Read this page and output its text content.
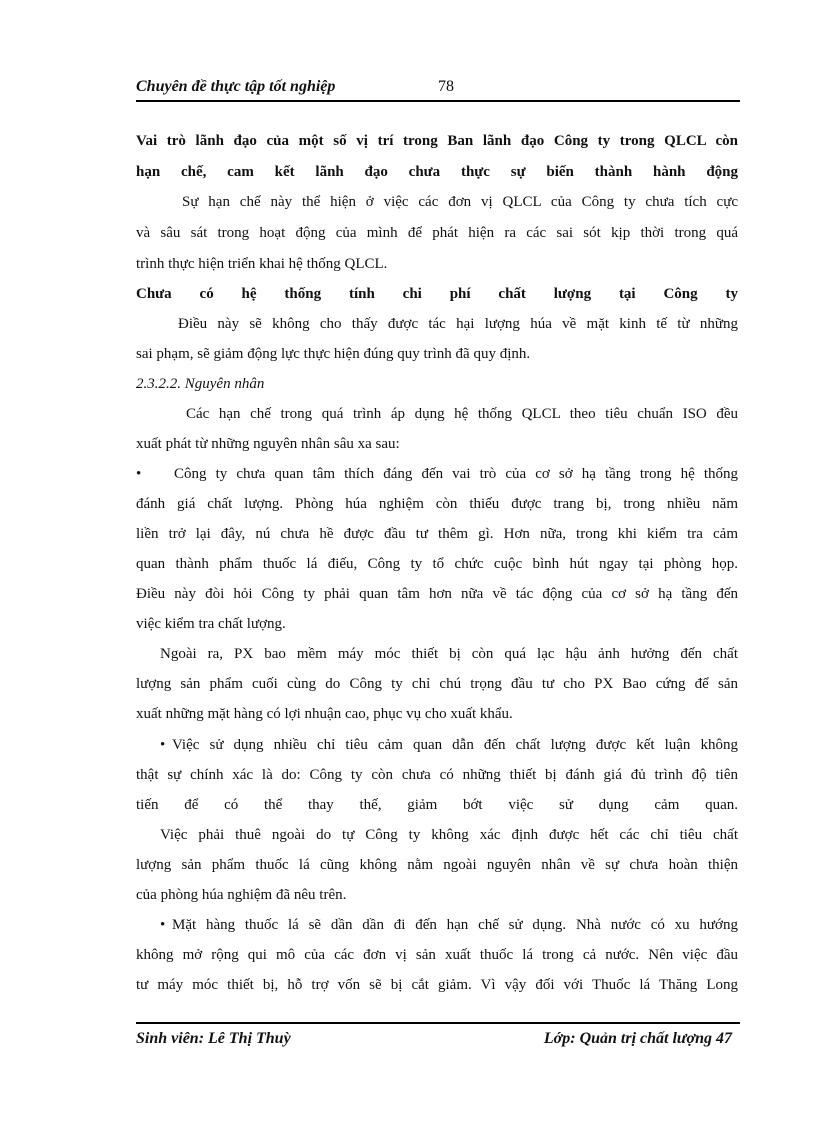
Chuyên đề thực tập tốt nghiệp	78
Vai trò lãnh đạo của một số vị trí trong Ban lãnh đạo Công ty trong QLCL còn
hạn chế, cam kết lãnh đạo chưa thực sự biến thành hành động
Sự hạn chế này thể hiện ở việc các đơn vị QLCL của Công ty chưa tích cực
và sâu sát trong hoạt động của mình để phát hiện ra các sai sót kịp thời trong quá
trình thực hiện triển khai hệ thống QLCL.
Chưa có hệ thống tính chi phí chất lượng tại Công ty
Điều này sẽ không cho thấy được tác hại lượng húa về mặt kinh tế từ những
sai phạm, sẽ giảm động lực thực hiện đúng quy trình đã quy định.
2.3.2.2. Nguyên nhân
Các hạn chế trong quá trình áp dụng hệ thống QLCL theo tiêu chuẩn ISO đều
xuất phát từ những nguyên nhân sâu xa sau:
•	Công ty chưa quan tâm thích đáng đến vai trò của cơ sở hạ tầng trong hệ thống
đánh giá chất lượng. Phòng húa nghiệm còn thiếu được trang bị, trong nhiều năm
liền trở lại đây, nú chưa hề được đầu tư thêm gì. Hơn nữa, trong khi kiểm tra cảm
quan thành phẩm thuốc lá điếu, Công ty tổ chức cuộc bình hút ngay tại phòng họp.
Điều này đòi hỏi Công ty phải quan tâm hơn nữa về tác động của cơ sở hạ tầng đến
việc kiểm tra chất lượng.
Ngoài ra, PX bao mềm máy móc thiết bị còn quá lạc hậu ảnh hưởng đến chất
lượng sản phẩm cuối cùng do Công ty chỉ chú trọng đầu tư cho PX Bao cứng để sản
xuất những mặt hàng có lợi nhuận cao, phục vụ cho xuất khẩu.
• Việc sử dụng nhiều chỉ tiêu cảm quan dẫn đến chất lượng được kết luận không
thật sự chính xác là do: Công ty còn chưa có những thiết bị đánh giá đủ trình độ tiên
tiến để có thể thay thế, giảm bớt việc sử dụng cảm quan.
Việc phải thuê ngoài do tự Công ty không xác định được hết các chỉ tiêu chất
lượng sản phẩm thuốc lá cũng không nằm ngoài nguyên nhân về sự chưa hoàn thiện
của phòng húa nghiệm đã nêu trên.
• Mặt hàng thuốc lá sẽ dần dần đi đến hạn chế sử dụng. Nhà nước có xu hướng
không mở rộng qui mô của các đơn vị sản xuất thuốc lá trong cả nước. Nên việc đầu
tư máy móc thiết bị, hỗ trợ vốn sẽ bị cắt giảm. Vì vậy đối với Thuốc lá Thăng Long
Sinh viên: Lê Thị Thuỳ	Lớp: Quản trị chất lượng 47
